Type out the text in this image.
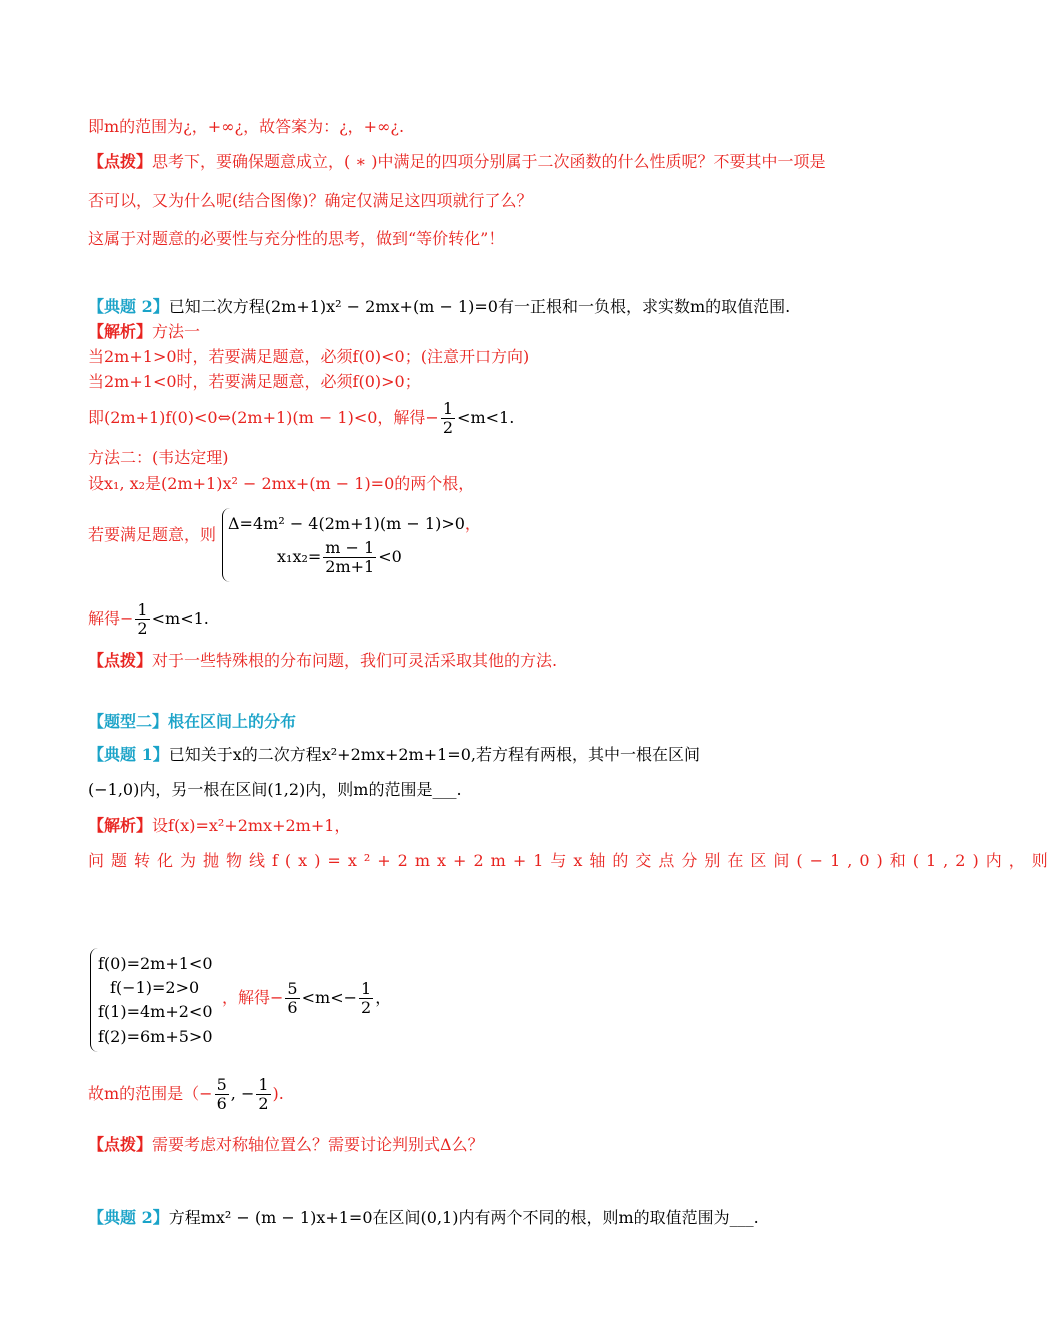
即m的范围为¿，+∞¿，故答案为：¿，+∞¿.
【点拨】思考下，要确保题意成立，( ∗ )中满足的四项分别属于二次函数的什么性质呢？不要其中一项是
否可以，又为什么呢(结合图像)？确定仅满足这四项就行了么？
这属于对题意的必要性与充分性的思考，做到“等价转化”！
【典题 2】已知二次方程(2m+1)x² − 2mx+(m − 1)=0有一正根和一负根，求实数m的取值范围.
【解析】方法一
当2m+1>0时，若要满足题意，必须f(0)<0；(注意开口方向)
当2m+1<0时，若要满足题意，必须f(0)>0；
即(2m+1)f(0)<0⇔(2m+1)(m − 1)<0，解得− $\frac{1}{2} <m<1$.
方法二：(韦达定理)
设x₁, x₂是(2m+1)x² − 2mx+(m − 1)=0的两个根，
若要满足题意，则
Δ=4m² − 4(2m+1)(m − 1)>0，
$x_1x_2= \frac{m - 1}{2m+1} <0$
解得− $\frac{1}{2} <m<1$.
【点拨】对于一些特殊根的分布问题，我们可灵活采取其他的方法.
【题型二】根在区间上的分布
【典题 1】已知关于x的二次方程x²+2mx+2m+1=0,若方程有两根，其中一根在区间
(−1,0)内，另一根在区间(1,2)内，则m的范围是___.
【解析】设f(x)=x²+2mx+2m+1，
问题转化为抛物线f(x)=x²+2mx+2m+1与x轴的交点分别在区间(−1,0)和(1,2)内，则
f(0)=2m+1<0
f(−1)=2>0
f(1)=4m+2<0
f(2)=6m+5>0
，解得− $\frac{5}{6} <m<- \frac{1}{2}$ ，
故m的范围是（− $\frac{5}{6}$ , − $\frac{1}{2}$ ).
【点拨】需要考虑对称轴位置么？需要讨论判别式Δ么？
【典题 2】方程mx² − (m − 1)x+1=0在区间(0,1)内有两个不同的根，则m的取值范围为___.
